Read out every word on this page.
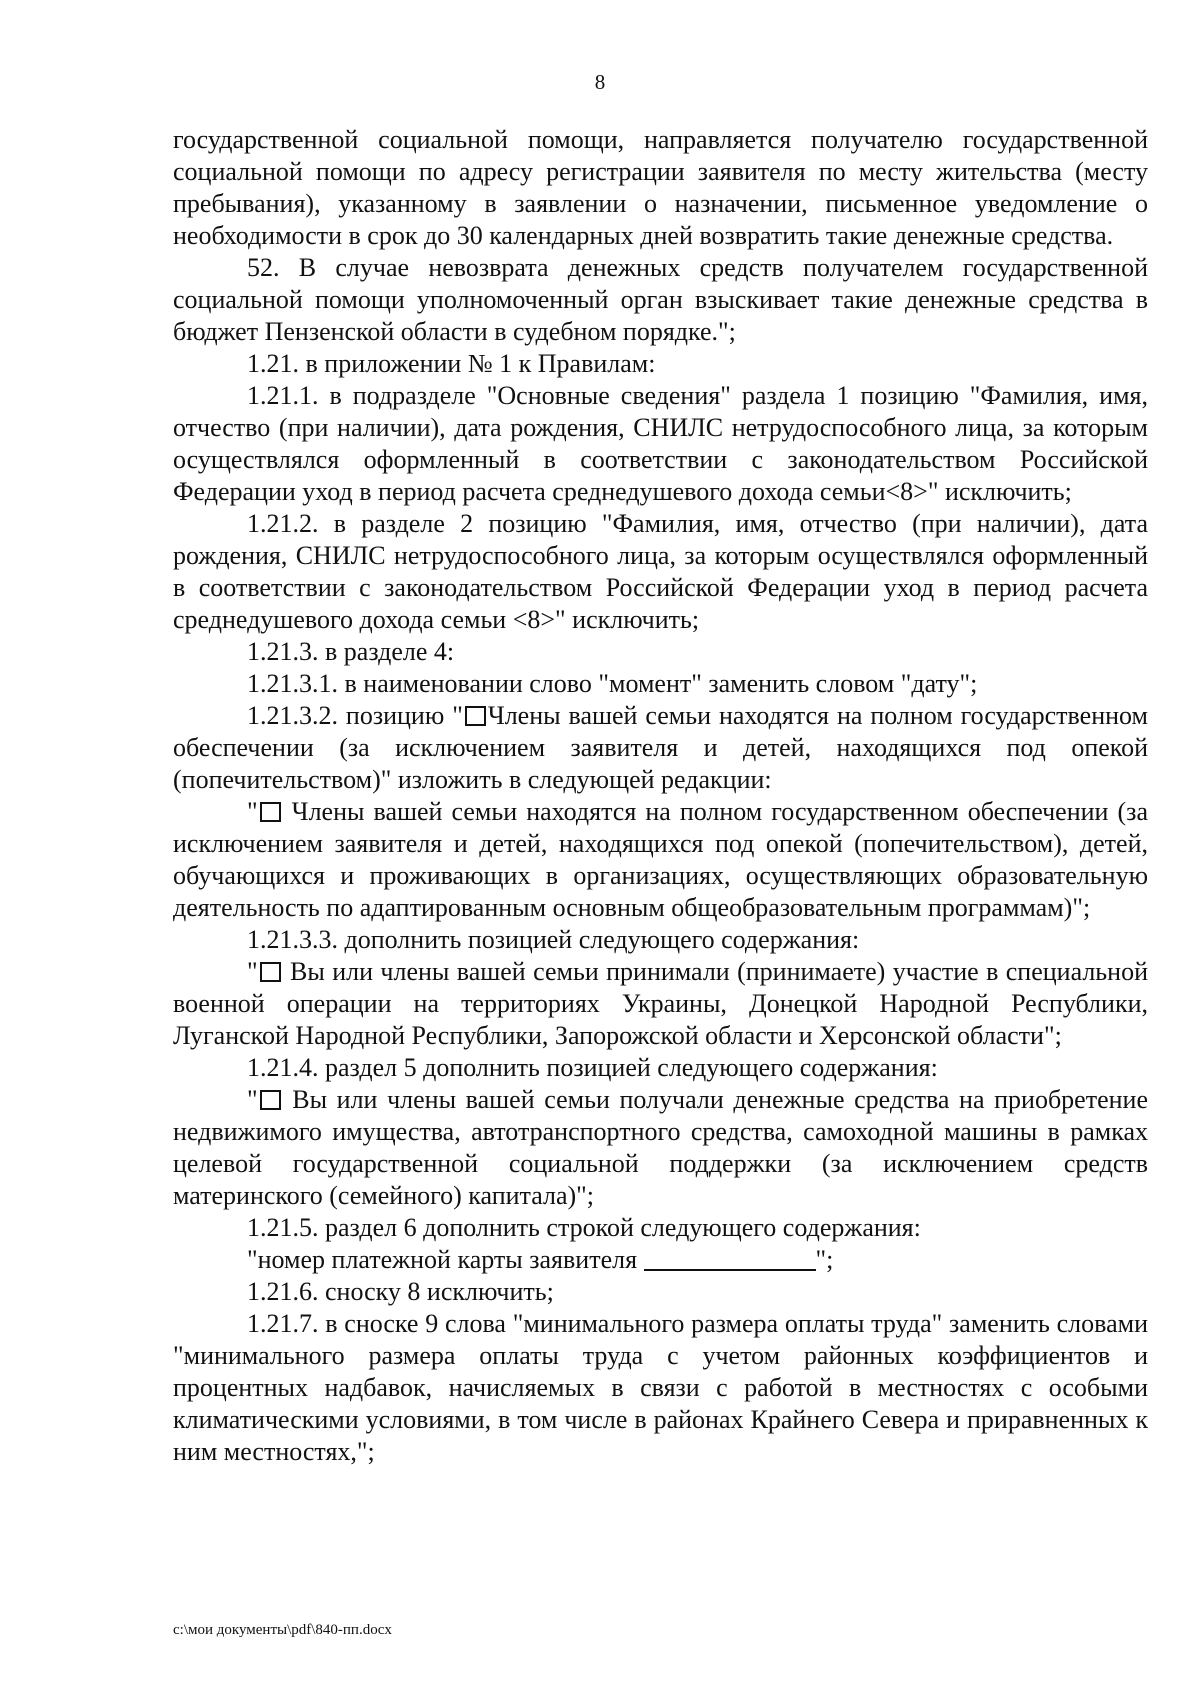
8

государственной социальной помощи, направляется получателю государственной социальной помощи по адресу регистрации заявителя по месту жительства (месту пребывания), указанному в заявлении о назначении, письменное уведомление о необходимости в срок до 30 календарных дней возвратить такие денежные средства.

52. В случае невозврата денежных средств получателем государственной социальной помощи уполномоченный орган взыскивает такие денежные средства в бюджет Пензенской области в судебном порядке.";

1.21. в приложении № 1 к Правилам:

1.21.1. в подразделе "Основные сведения" раздела 1 позицию "Фамилия, имя, отчество (при наличии), дата рождения, СНИЛС нетрудоспособного лица, за которым осуществлялся оформленный в соответствии с законодательством Российской Федерации уход в период расчета среднедушевого дохода семьи<8>" исключить;

1.21.2. в разделе 2 позицию "Фамилия, имя, отчество (при наличии), дата рождения, СНИЛС нетрудоспособного лица, за которым осуществлялся оформленный в соответствии с законодательством Российской Федерации уход в период расчета среднедушевого дохода семьи <8>" исключить;

1.21.3. в разделе 4:

1.21.3.1. в наименовании слово "момент" заменить словом "дату";

1.21.3.2. позицию " Члены вашей семьи находятся на полном государственном обеспечении (за исключением заявителя и детей, находящихся под опекой (попечительством)" изложить в следующей редакции:

" Члены вашей семьи находятся на полном государственном обеспечении (за исключением заявителя и детей, находящихся под опекой (попечительством), детей, обучающихся и проживающих в организациях, осуществляющих образовательную деятельность по адаптированным основным общеобразовательным программам)";

1.21.3.3. дополнить позицией следующего содержания:

" Вы или члены вашей семьи принимали (принимаете) участие в специальной военной операции на территориях Украины, Донецкой Народной Республики, Луганской Народной Республики, Запорожской области и Херсонской области";

1.21.4. раздел 5 дополнить позицией следующего содержания:

" Вы или члены вашей семьи получали денежные средства на приобретение недвижимого имущества, автотранспортного средства, самоходной машины в рамках целевой государственной социальной поддержки (за исключением средств материнского (семейного) капитала)";

1.21.5. раздел 6 дополнить строкой следующего содержания:

"номер платежной карты заявителя	";

1.21.6. сноску 8 исключить;

1.21.7. в сноске 9 слова "минимального размера оплаты труда" заменить словами "минимального размера оплаты труда с учетом районных коэффициентов и процентных надбавок, начисляемых в связи с работой в местностях с особыми климатическими условиями, в том числе в районах Крайнего Севера и приравненных к ним местностях,";

c:\мои документы\pdf\840-пп.docx
